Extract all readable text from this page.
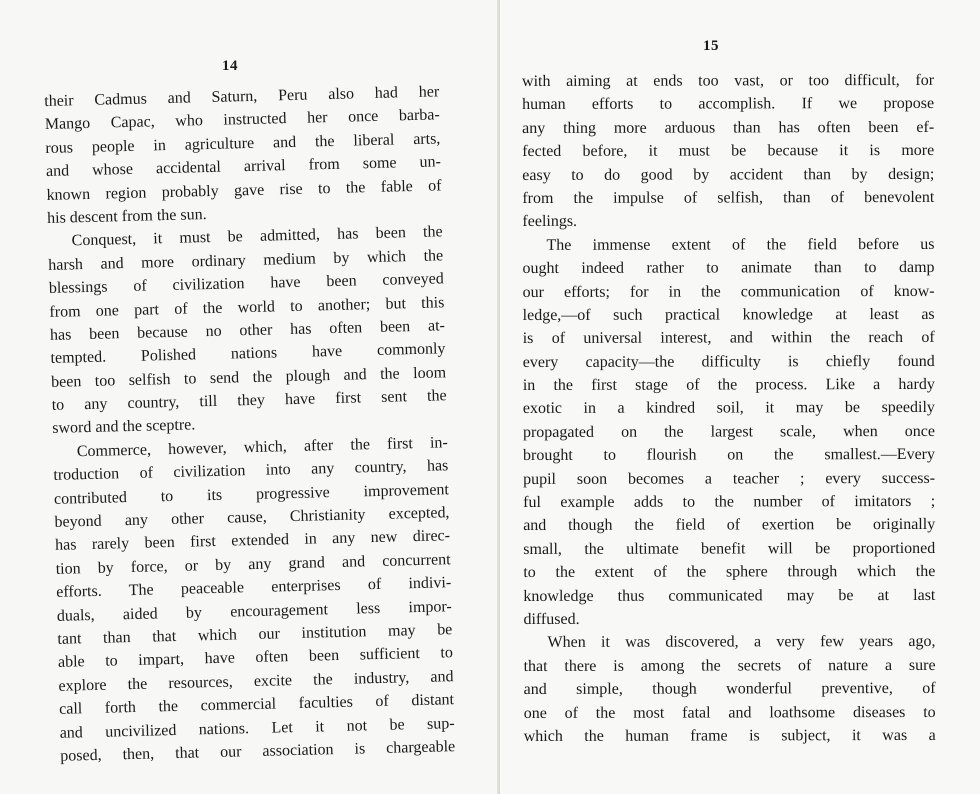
14
their Cadmus and Saturn, Peru also had her
Mango Capac, who instructed her once barba-
rous people in agriculture and the liberal arts,
and whose accidental arrival from some un-
known region probably gave rise to the fable of
his descent from the sun.
Conquest, it must be admitted, has been the
harsh and more ordinary medium by which the
blessings of civilization have been conveyed
from one part of the world to another; but this
has been because no other has often been at-
tempted. Polished nations have commonly
been too selfish to send the plough and the loom
to any country, till they have first sent the
sword and the sceptre.
Commerce, however, which, after the first in-
troduction of civilization into any country, has
contributed to its progressive improvement
beyond any other cause, Christianity excepted,
has rarely been first extended in any new direc-
tion by force, or by any grand and concurrent
efforts. The peaceable enterprises of indivi-
duals, aided by encouragement less impor-
tant than that which our institution may be
able to impart, have often been sufficient to
explore the resources, excite the industry, and
call forth the commercial faculties of distant
and uncivilized nations. Let it not be sup-
posed, then, that our association is chargeable
15
with aiming at ends too vast, or too difficult, for
human efforts to accomplish. If we propose
any thing more arduous than has often been ef-
fected before, it must be because it is more
easy to do good by accident than by design;
from the impulse of selfish, than of benevolent
feelings.
The immense extent of the field before us
ought indeed rather to animate than to damp
our efforts; for in the communication of know-
ledge,—of such practical knowledge at least as
is of universal interest, and within the reach of
every capacity—the difficulty is chiefly found
in the first stage of the process. Like a hardy
exotic in a kindred soil, it may be speedily
propagated on the largest scale, when once
brought to flourish on the smallest.—Every
pupil soon becomes a teacher ; every success-
ful example adds to the number of imitators ;
and though the field of exertion be originally
small, the ultimate benefit will be proportioned
to the extent of the sphere through which the
knowledge thus communicated may be at last
diffused.
When it was discovered, a very few years ago,
that there is among the secrets of nature a sure
and simple, though wonderful preventive, of
one of the most fatal and loathsome diseases to
which the human frame is subject, it was a
